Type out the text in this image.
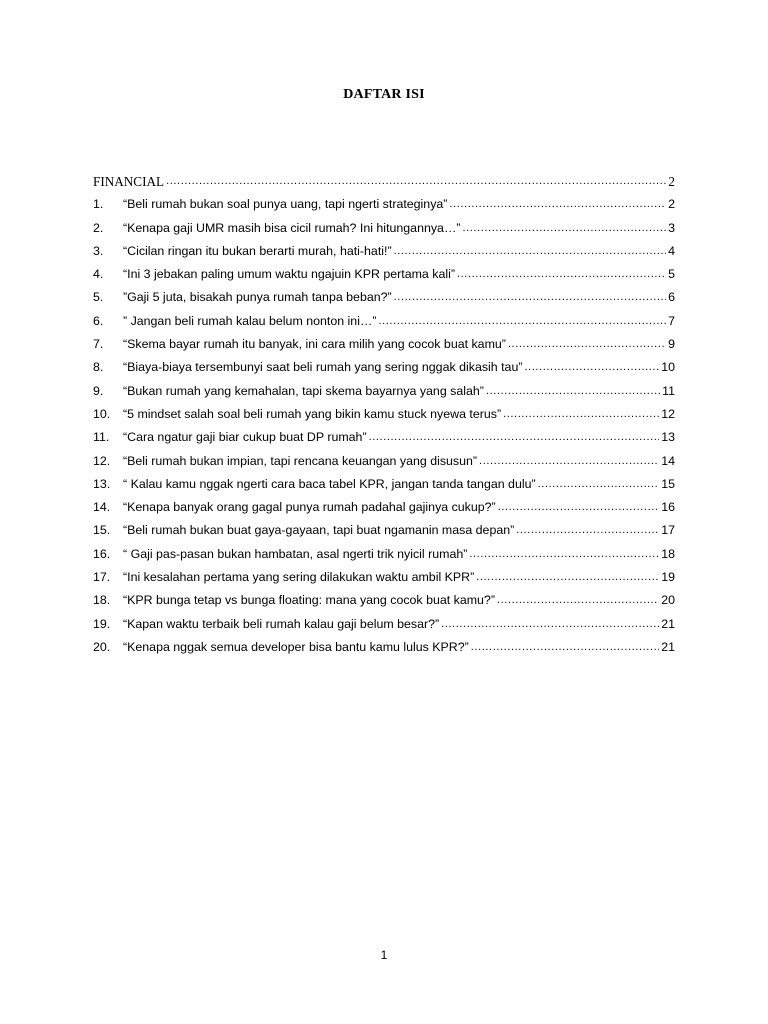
DAFTAR ISI
FINANCIAL .....	2
1.	“Beli rumah bukan soal punya uang, tapi ngerti strateginya” .....	2
2.	“Kenapa gaji UMR masih bisa cicil rumah? Ini hitungannya…” .....	3
3.	“Cicilan ringan itu bukan berarti murah, hati-hati!” .....	4
4.	“Ini 3 jebakan paling umum waktu ngajuin KPR pertama kali” .....	5
5.	”Gaji 5 juta, bisakah punya rumah tanpa beban?” .....	6
6.	” Jangan beli rumah kalau belum nonton ini…” .....	7
7.	“Skema bayar rumah itu banyak, ini cara milih yang cocok buat kamu” .....	9
8.	“Biaya-biaya tersembunyi saat beli rumah yang sering nggak dikasih tau” .....	10
9.	“Bukan rumah yang kemahalan, tapi skema bayarnya yang salah” .....	11
10.	“5 mindset salah soal beli rumah yang bikin kamu stuck nyewa terus” .....	12
11.	“Cara ngatur gaji biar cukup buat DP rumah” .....	13
12.	“Beli rumah bukan impian, tapi rencana keuangan yang disusun” .....	14
13.	“ Kalau kamu nggak ngerti cara baca tabel KPR, jangan tanda tangan dulu” .....	15
14.	“Kenapa banyak orang gagal punya rumah padahal gajinya cukup?” .....	16
15.	“Beli rumah bukan buat gaya-gayaan, tapi buat ngamanin masa depan” .....	17
16.	“ Gaji pas-pasan bukan hambatan, asal ngerti trik nyicil rumah” .....	18
17.	“Ini kesalahan pertama yang sering dilakukan waktu ambil KPR” .....	19
18.	“KPR bunga tetap vs bunga floating: mana yang cocok buat kamu?” .....	20
19.	“Kapan waktu terbaik beli rumah kalau gaji belum besar?” .....	21
20.	“Kenapa nggak semua developer bisa bantu kamu lulus KPR?” .....	21
1
